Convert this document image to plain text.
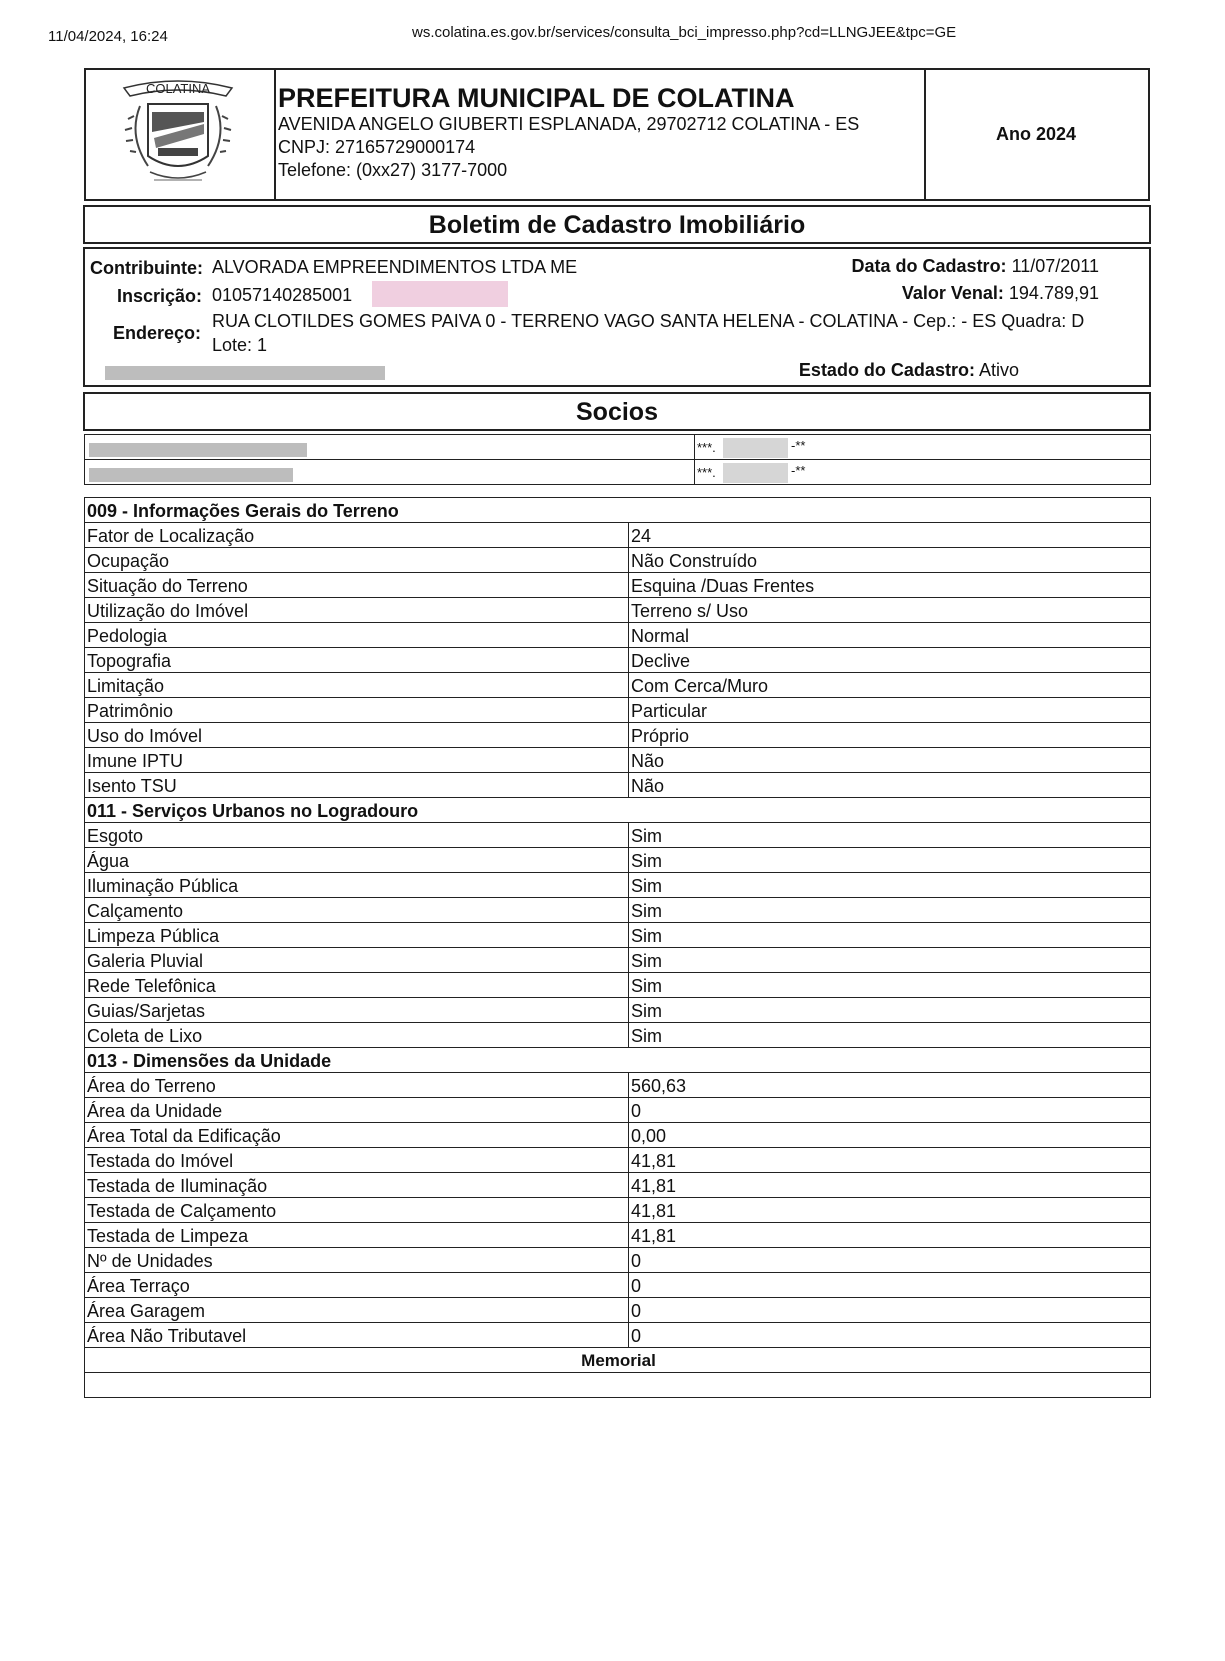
11/04/2024, 16:24	ws.colatina.es.gov.br/services/consulta_bci_impresso.php?cd=LLNGJEE&tpc=GE
COLATINA	PREFEITURA MUNICIPAL DE COLATINA
AVENIDA ANGELO GIUBERTI ESPLANADA, 29702712 COLATINA - ES
CNPJ: 27165729000174
Telefone: (0xx27) 3177-7000
Ano 2024
Boletim de Cadastro Imobiliário
Contribuinte: ALVORADA EMPREENDIMENTOS LTDA ME
Inscrição: 01057140285001
Endereço:
RUA CLOTILDES GOMES PAIVA 0 - TERRENO VAGO SANTA HELENA - COLATINA - Cep.: - ES Quadra: D
Lote: 1
Data do Cadastro: 11/07/2011
Valor Venal: 194.789,91
Estado do Cadastro: Ativo
Socios
	***. -**

	***. -**
009 - Informações Gerais do Terreno	
Fator de Localização	24
Ocupação	Não Construído
Situação do Terreno	Esquina /Duas Frentes
Utilização do Imóvel	Terreno s/ Uso
Pedologia	Normal
Topografia	Declive
Limitação	Com Cerca/Muro
Patrimônio	Particular
Uso do Imóvel	Próprio
Imune IPTU	Não
Isento TSU	Não
011 - Serviços Urbanos no Logradouro	
Esgoto	Sim
Água	Sim
Iluminação Pública	Sim
Calçamento	Sim
Limpeza Pública	Sim
Galeria Pluvial	Sim
Rede Telefônica	Sim
Guias/Sarjetas	Sim
Coleta de Lixo	Sim
013 - Dimensões da Unidade	
Área do Terreno	560,63
Área da Unidade	0
Área Total da Edificação	0,00
Testada do Imóvel	41,81
Testada de Iluminação	41,81
Testada de Calçamento	41,81
Testada de Limpeza	41,81
Nº de Unidades	0
Área Terraço	0
Área Garagem	0
Área Não Tributavel	0
Memorial	
